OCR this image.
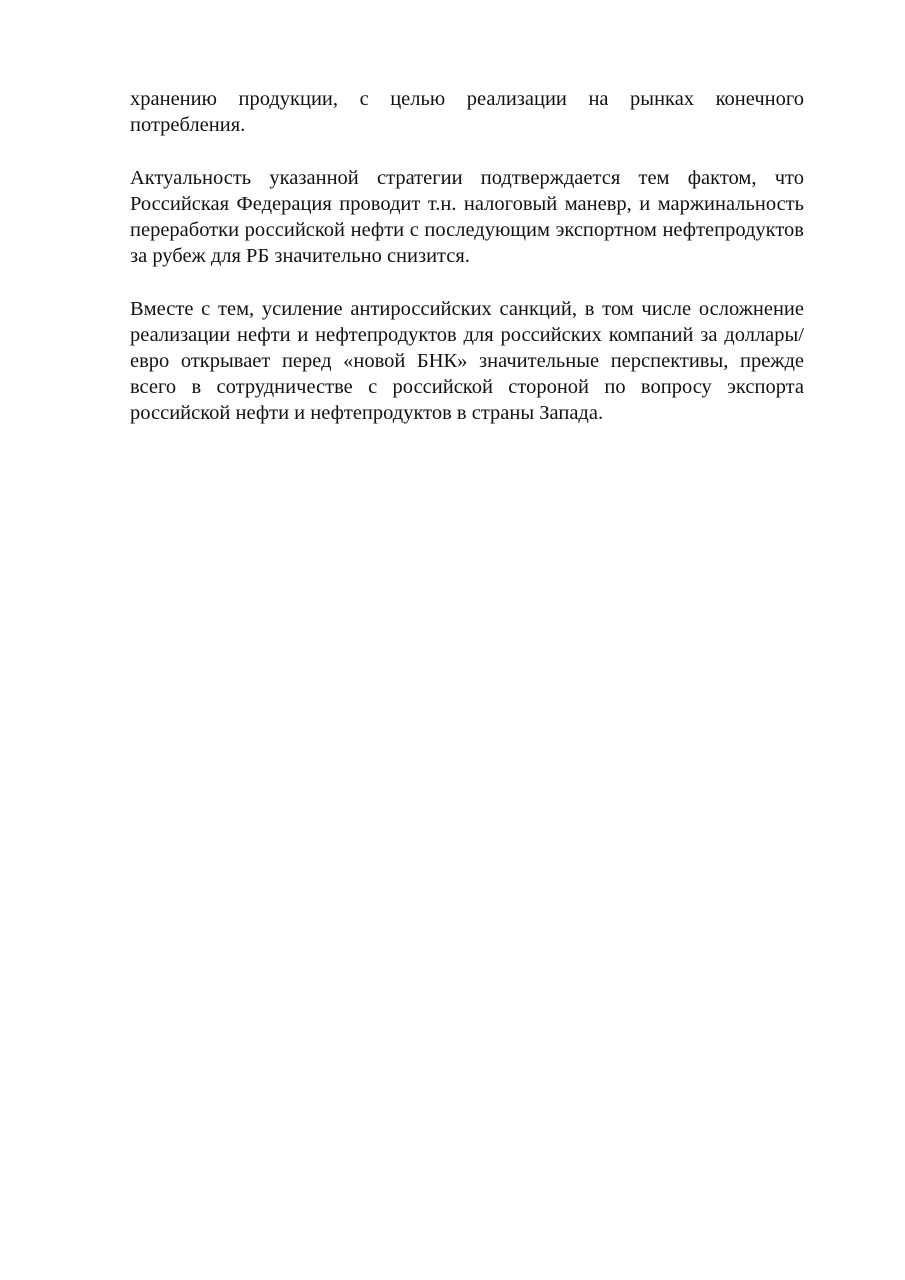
хранению продукции, с целью реализации на рынках конечного потребления.

Актуальность указанной стратегии подтверждается тем фактом, что Российская Федерация проводит т.н. налоговый маневр, и маржинальность переработки российской нефти с последующим экспортном нефтепродуктов за рубеж для РБ значительно снизится.

Вместе с тем, усиление антироссийских санкций, в том числе осложнение реализации нефти и нефтепродуктов для российских компаний за доллары/евро открывает перед «новой БНК» значительные перспективы, прежде всего в сотрудничестве с российской стороной по вопросу экспорта российской нефти и нефтепродуктов в страны Запада.
